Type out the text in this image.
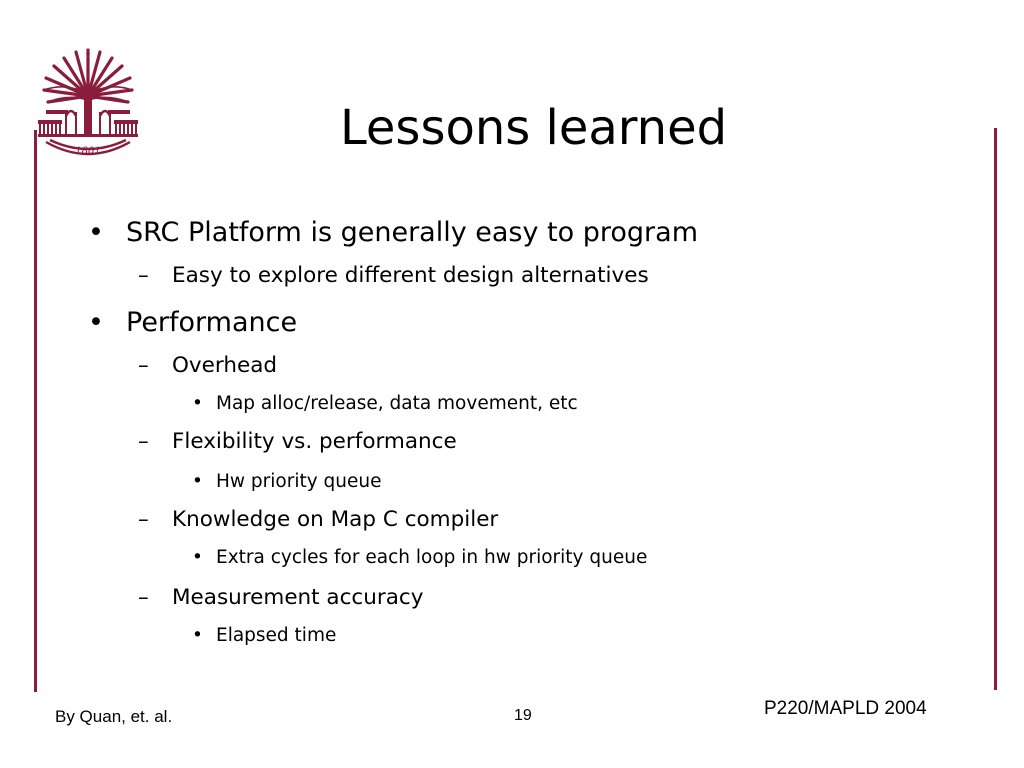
1801	Lessons learned
• SRC Platform is generally easy to program
– Easy to explore different design alternatives
• Performance
– Overhead
• Map alloc/release, data movement, etc
– Flexibility vs. performance
• Hw priority queue
– Knowledge on Map C compiler
• Extra cycles for each loop in hw priority queue
– Measurement accuracy
• Elapsed time
By Quan, et. al.	19	P220/MAPLD 2004
